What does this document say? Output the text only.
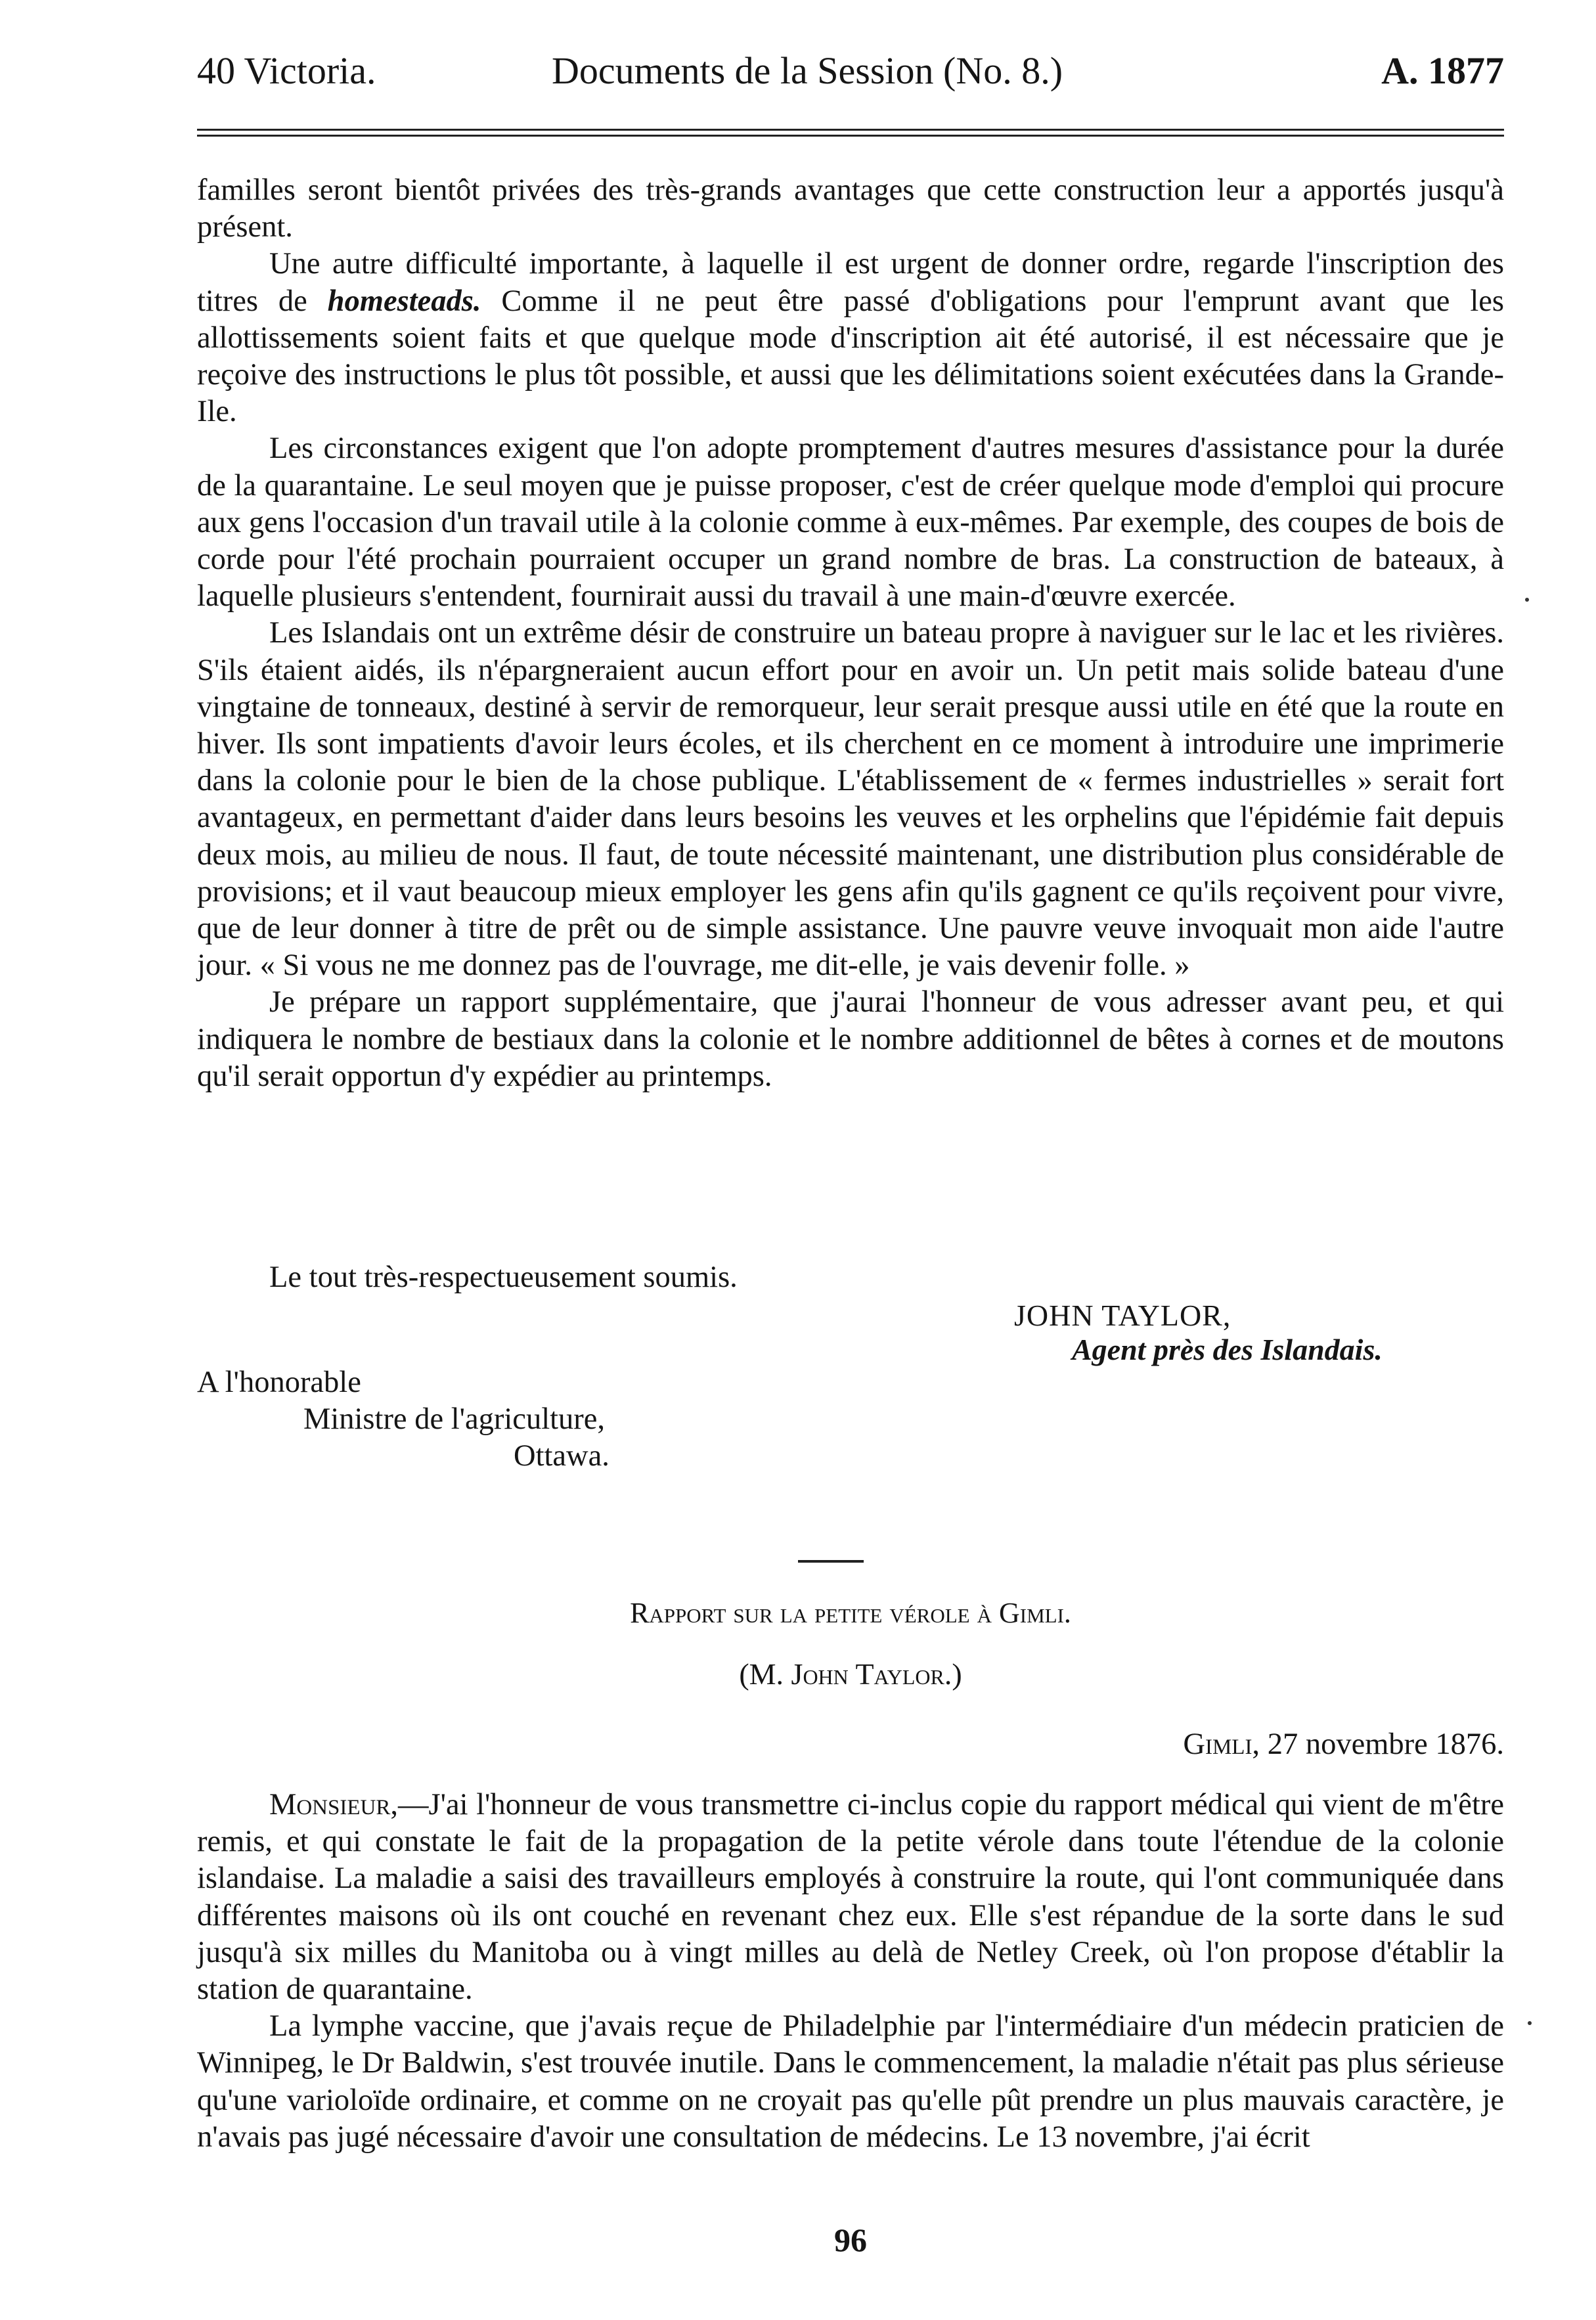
40 Victoria.	Documents de la Session (No. 8.)	A. 1877

familles seront bientôt privées des très-grands avantages que cette construction leur a apportés jusqu'à présent.

Une autre difficulté importante, à laquelle il est urgent de donner ordre, regarde l'inscription des titres de homesteads. Comme il ne peut être passé d'obligations pour l'emprunt avant que les allottissements soient faits et que quelque mode d'inscription ait été autorisé, il est nécessaire que je reçoive des instructions le plus tôt possible, et aussi que les délimitations soient exécutées dans la Grande-Ile.

Les circonstances exigent que l'on adopte promptement d'autres mesures d'assistance pour la durée de la quarantaine. Le seul moyen que je puisse proposer, c'est de créer quelque mode d'emploi qui procure aux gens l'occasion d'un travail utile à la colonie comme à eux-mêmes. Par exemple, des coupes de bois de corde pour l'été prochain pourraient occuper un grand nombre de bras. La construction de bateaux, à laquelle plusieurs s'entendent, fournirait aussi du travail à une main-d'œuvre exercée.

Les Islandais ont un extrême désir de construire un bateau propre à naviguer sur le lac et les rivières. S'ils étaient aidés, ils n'épargneraient aucun effort pour en avoir un. Un petit mais solide bateau d'une vingtaine de tonneaux, destiné à servir de remorqueur, leur serait presque aussi utile en été que la route en hiver. Ils sont impatients d'avoir leurs écoles, et ils cherchent en ce moment à introduire une imprimerie dans la colonie pour le bien de la chose publique. L'établissement de « fermes industrielles » serait fort avantageux, en permettant d'aider dans leurs besoins les veuves et les orphelins que l'épidémie fait depuis deux mois, au milieu de nous. Il faut, de toute nécessité maintenant, une distribution plus considérable de provisions; et il vaut beaucoup mieux employer les gens afin qu'ils gagnent ce qu'ils reçoivent pour vivre, que de leur donner à titre de prêt ou de simple assistance. Une pauvre veuve invoquait mon aide l'autre jour. « Si vous ne me donnez pas de l'ouvrage, me dit-elle, je vais devenir folle. »

Je prépare un rapport supplémentaire, que j'aurai l'honneur de vous adresser avant peu, et qui indiquera le nombre de bestiaux dans la colonie et le nombre additionnel de bêtes à cornes et de moutons qu'il serait opportun d'y expédier au printemps.

Le tout très-respectueusement soumis.
JOHN TAYLOR,
Agent près des Islandais.
A l'honorable
Ministre de l'agriculture,
Ottawa.
Rapport sur la petite vérole à Gimli.
(M. John Taylor.)
Gimli, 27 novembre 1876.

Monsieur,—J'ai l'honneur de vous transmettre ci-inclus copie du rapport médical qui vient de m'être remis, et qui constate le fait de la propagation de la petite vérole dans toute l'étendue de la colonie islandaise. La maladie a saisi des travailleurs employés à construire la route, qui l'ont communiquée dans différentes maisons où ils ont couché en revenant chez eux. Elle s'est répandue de la sorte dans le sud jusqu'à six milles du Manitoba ou à vingt milles au delà de Netley Creek, où l'on propose d'établir la station de quarantaine.

La lymphe vaccine, que j'avais reçue de Philadelphie par l'intermédiaire d'un médecin praticien de Winnipeg, le Dr Baldwin, s'est trouvée inutile. Dans le commencement, la maladie n'était pas plus sérieuse qu'une varioloïde ordinaire, et comme on ne croyait pas qu'elle pût prendre un plus mauvais caractère, je n'avais pas jugé nécessaire d'avoir une consultation de médecins. Le 13 novembre, j'ai écrit

96
